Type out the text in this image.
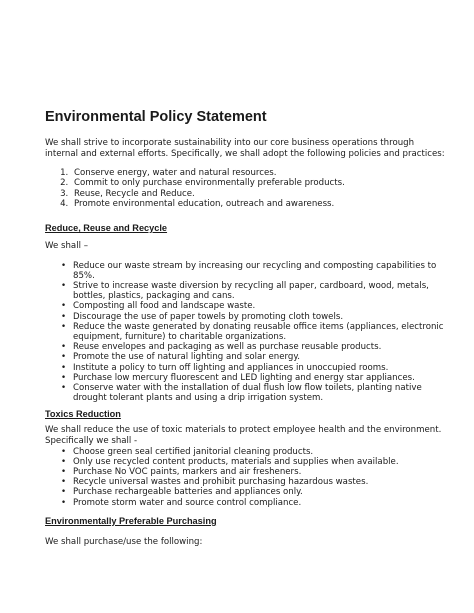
Environmental Policy Statement

We shall strive to incorporate sustainability into our core business operations through internal and external efforts. Specifically, we shall adopt the following policies and practices:

1. Conserve energy, water and natural resources.
2. Commit to only purchase environmentally preferable products.
3. Reuse, Recycle and Reduce.
4. Promote environmental education, outreach and awareness.
Reduce, Reuse and Recycle

We shall –

• Reduce our waste stream by increasing our recycling and composting capabilities to 85%.
• Strive to increase waste diversion by recycling all paper, cardboard, wood, metals, bottles, plastics, packaging and cans.
• Composting all food and landscape waste.
• Discourage the use of paper towels by promoting cloth towels.
• Reduce the waste generated by donating reusable office items (appliances, electronic equipment, furniture) to charitable organizations.
• Reuse envelopes and packaging as well as purchase reusable products.
• Promote the use of natural lighting and solar energy.
• Institute a policy to turn off lighting and appliances in unoccupied rooms.
• Purchase low mercury fluorescent and LED lighting and energy star appliances.
• Conserve water with the installation of dual flush low flow toilets, planting native drought tolerant plants and using a drip irrigation system.
Toxics Reduction

We shall reduce the use of toxic materials to protect employee health and the environment. Specifically we shall -

• Choose green seal certified janitorial cleaning products.
• Only use recycled content products, materials and supplies when available.
• Purchase No VOC paints, markers and air fresheners.
• Recycle universal wastes and prohibit purchasing hazardous wastes.
• Purchase rechargeable batteries and appliances only.
• Promote storm water and source control compliance.
Environmentally Preferable Purchasing

We shall purchase/use the following:
